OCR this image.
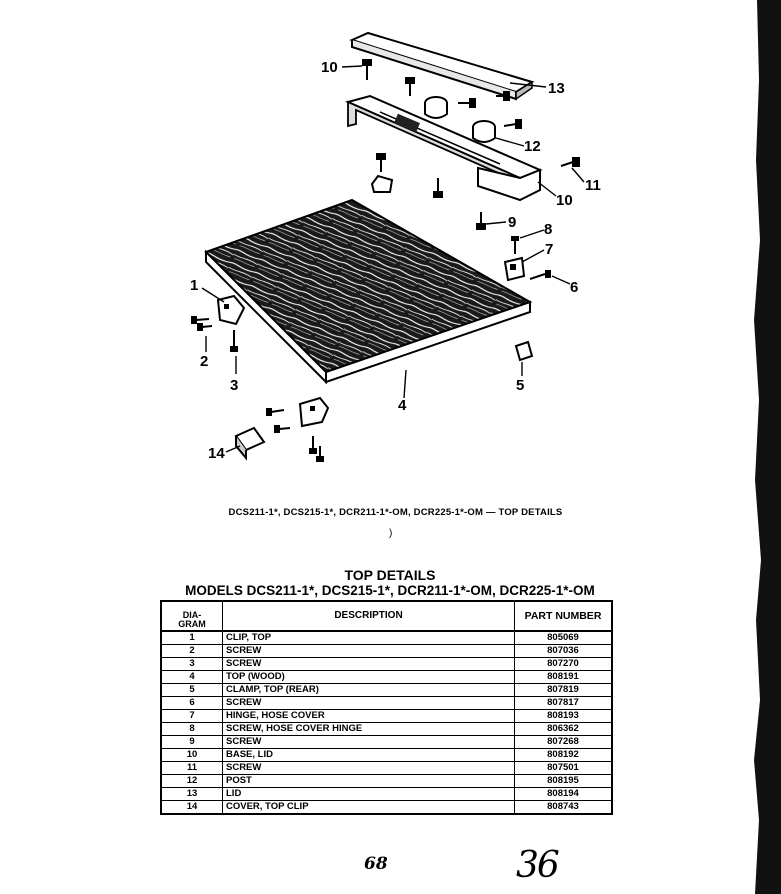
10
13
12
10
11
9 8
7
6
1
2
3
4
5
14
DCS211-1*, DCS215-1*, DCR211-1*-OM, DCR225-1*-OM — TOP DETAILS
)
TOP DETAILS
MODELS DCS211-1*, DCS215-1*, DCR211-1*-OM, DCR225-1*-OM
DIA-
GRAM	DESCRIPTION	PART NUMBER
1	CLIP, TOP	805069
2	SCREW	807036
3	SCREW	807270
4	TOP (WOOD)	808191
5	CLAMP, TOP (REAR)	807819
6	SCREW	807817
7	HINGE, HOSE COVER	808193
8	SCREW, HOSE COVER HINGE	806362
9	SCREW	807268
10	BASE, LID	808192
11	SCREW	807501
12	POST	808195
13	LID	808194
14	COVER, TOP CLIP	808743
68	36
